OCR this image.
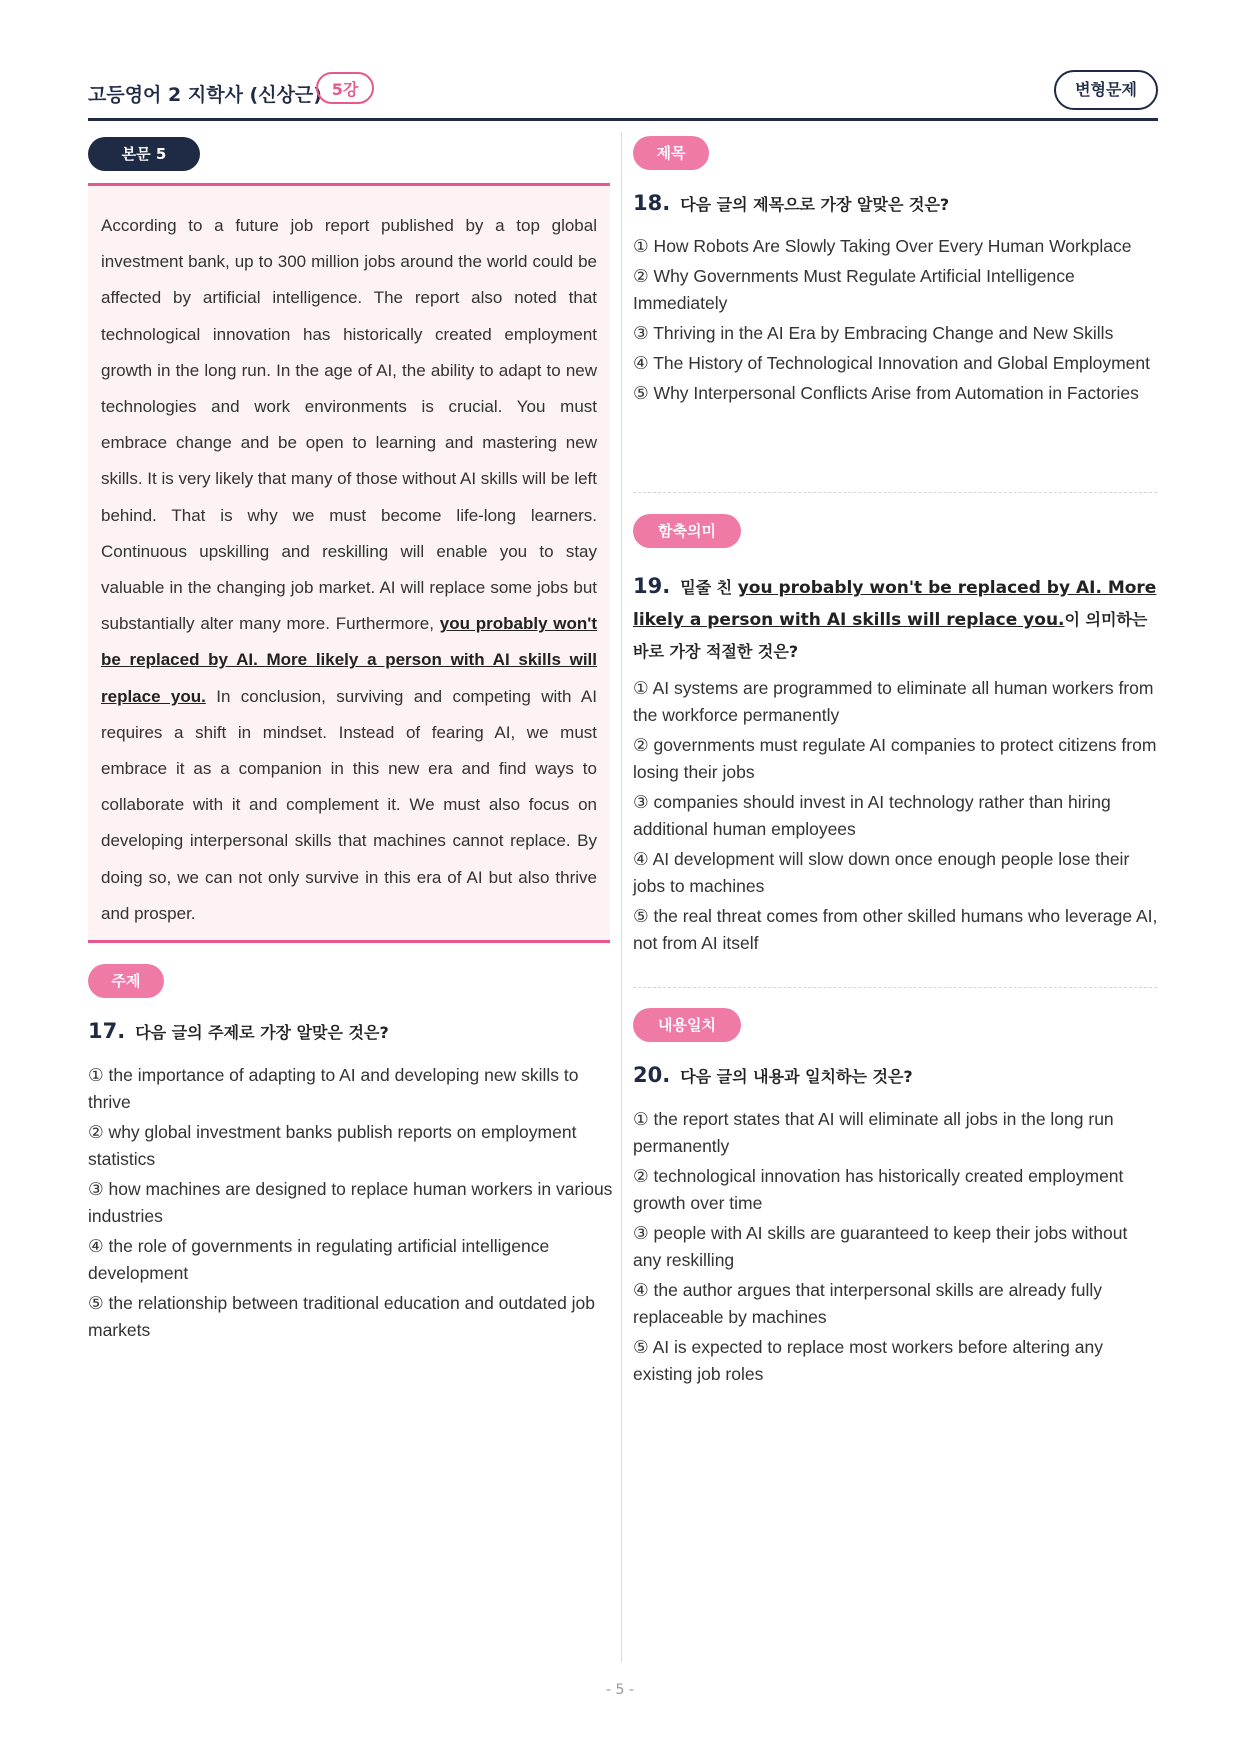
고등영어 2 지학사 (신상근) 5강	변형문제
본문 5
According to a future job report published by a top global investment bank, up to 300 million jobs around the world could be affected by artificial intelligence. The report also noted that technological innovation has historically created employment growth in the long run. In the age of AI, the ability to adapt to new technologies and work environments is crucial. You must embrace change and be open to learning and mastering new skills. It is very likely that many of those without AI skills will be left behind. That is why we must become life-long learners. Continuous upskilling and reskilling will enable you to stay valuable in the changing job market. AI will replace some jobs but substantially alter many more. Furthermore, you probably won't be replaced by AI. More likely a person with AI skills will replace you. In conclusion, surviving and competing with AI requires a shift in mindset. Instead of fearing AI, we must embrace it as a companion in this new era and find ways to collaborate with it and complement it. We must also focus on developing interpersonal skills that machines cannot replace. By doing so, we can not only survive in this era of AI but also thrive and prosper.
주제
17. 다음 글의 주제로 가장 알맞은 것은?
① the importance of adapting to AI and developing new skills to thrive
② why global investment banks publish reports on employment statistics
③ how machines are designed to replace human workers in various industries
④ the role of governments in regulating artificial intelligence development
⑤ the relationship between traditional education and outdated job markets
제목
18. 다음 글의 제목으로 가장 알맞은 것은?
① How Robots Are Slowly Taking Over Every Human Workplace
② Why Governments Must Regulate Artificial Intelligence Immediately
③ Thriving in the AI Era by Embracing Change and New Skills
④ The History of Technological Innovation and Global Employment
⑤ Why Interpersonal Conflicts Arise from Automation in Factories
함축의미
19. 밑줄 친 you probably won't be replaced by AI. More likely a person with AI skills will replace you.이 의미하는 바로 가장 적절한 것은?
① AI systems are programmed to eliminate all human workers from the workforce permanently
② governments must regulate AI companies to protect citizens from losing their jobs
③ companies should invest in AI technology rather than hiring additional human employees
④ AI development will slow down once enough people lose their jobs to machines
⑤ the real threat comes from other skilled humans who leverage AI, not from AI itself
내용일치
20. 다음 글의 내용과 일치하는 것은?
① the report states that AI will eliminate all jobs in the long run permanently
② technological innovation has historically created employment growth over time
③ people with AI skills are guaranteed to keep their jobs without any reskilling
④ the author argues that interpersonal skills are already fully replaceable by machines
⑤ AI is expected to replace most workers before altering any existing job roles
- 5 -
